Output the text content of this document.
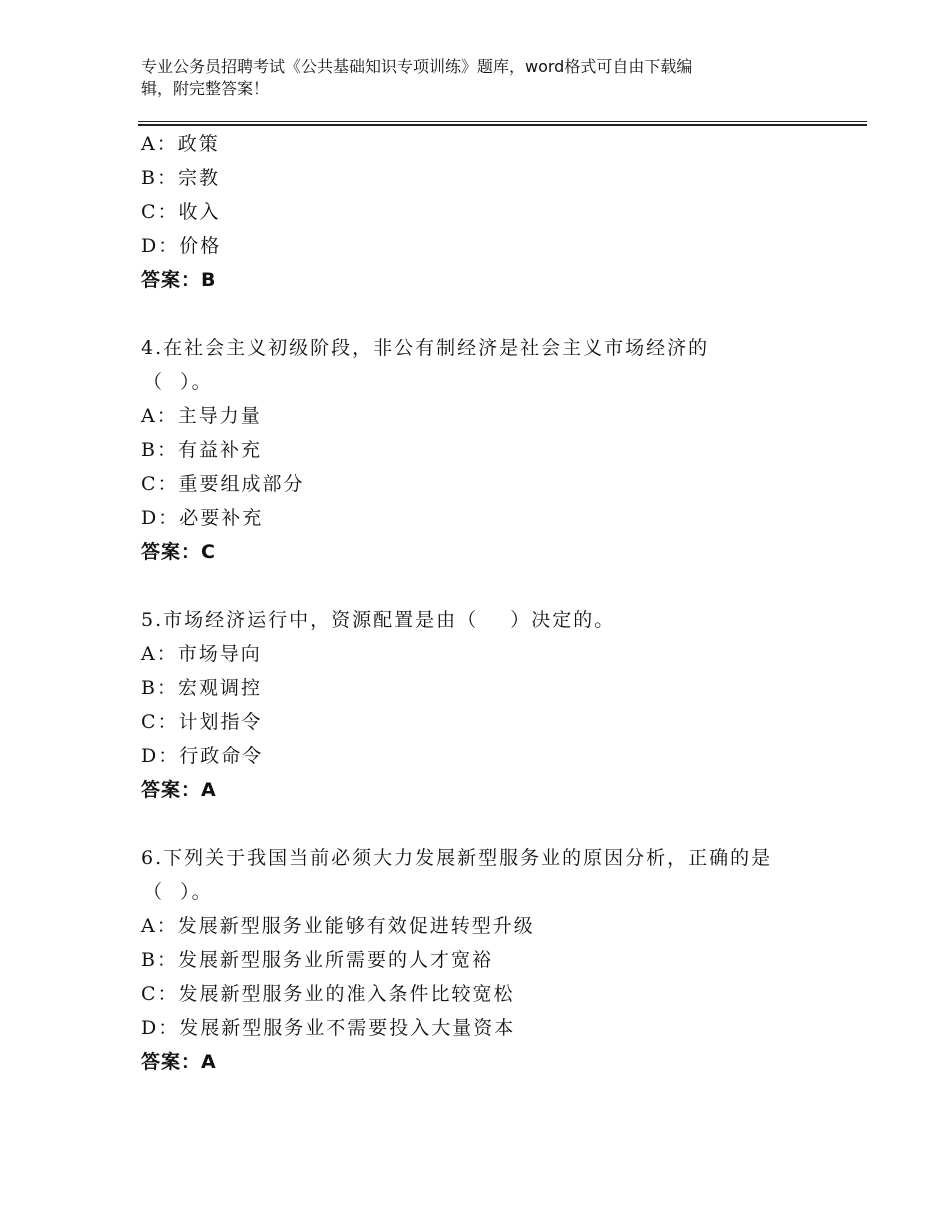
专业公务员招聘考试《公共基础知识专项训练》题库，word格式可自由下载编
辑，附完整答案！
A：政策
B：宗教
C：收入
D：价格
答案：B
4.在社会主义初级阶段，非公有制经济是社会主义市场经济的
（  ）。
A：主导力量
B：有益补充
C：重要组成部分
D：必要补充
答案：C
5.市场经济运行中，资源配置是由（    ）决定的。
A：市场导向
B：宏观调控
C：计划指令
D：行政命令
答案：A
6.下列关于我国当前必须大力发展新型服务业的原因分析，正确的是
（  ）。
A：发展新型服务业能够有效促进转型升级
B：发展新型服务业所需要的人才宽裕
C：发展新型服务业的准入条件比较宽松
D：发展新型服务业不需要投入大量资本
答案：A
